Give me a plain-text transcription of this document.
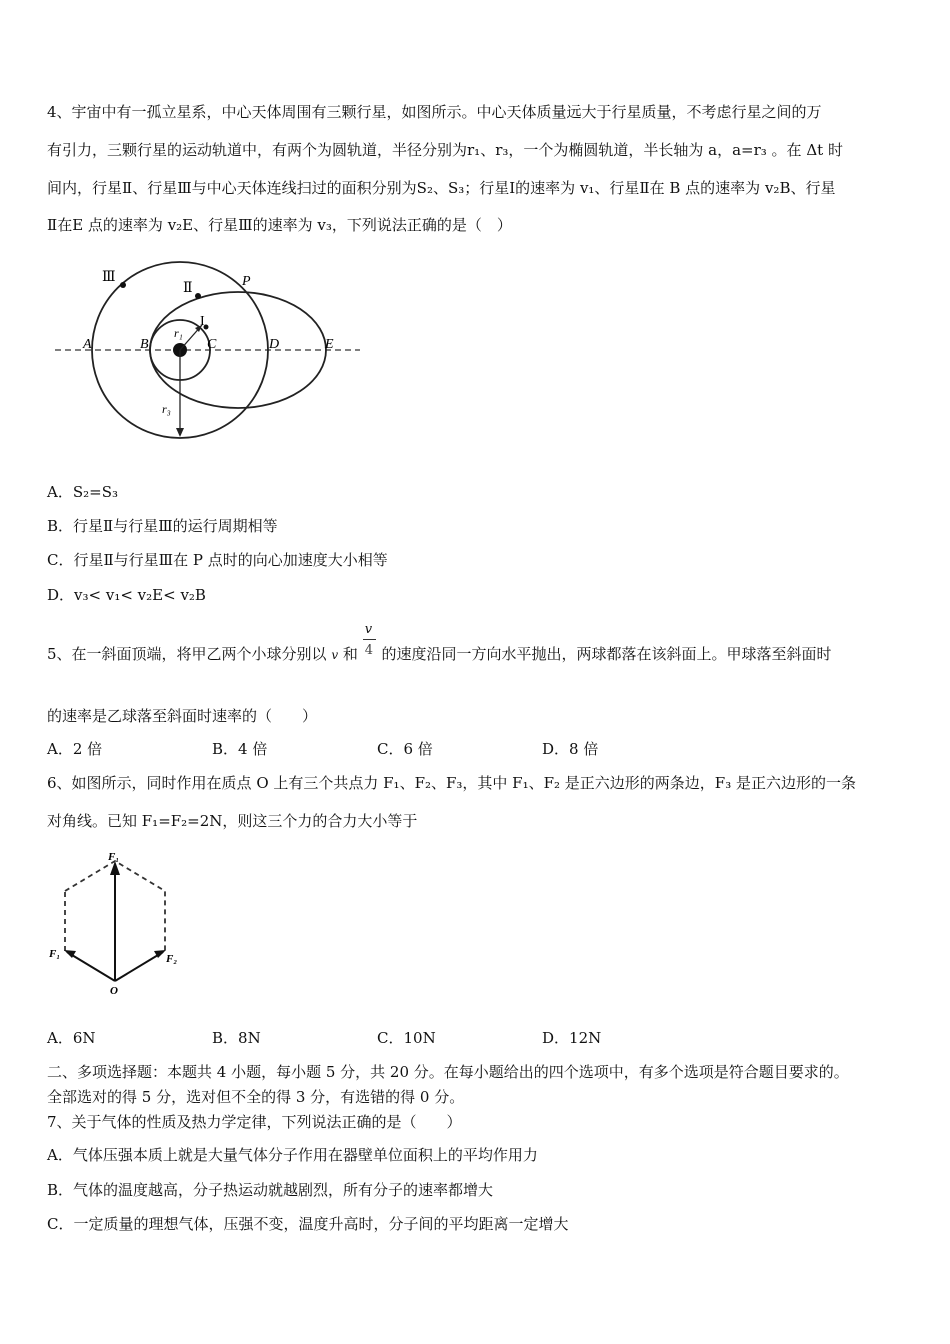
4、宇宙中有一孤立星系，中心天体周围有三颗行星，如图所示。中心天体质量远大于行星质量，不考虑行星之间的万
有引力，三颗行星的运动轨道中，有两个为圆轨道，半径分别为r₁、r₃，一个为椭圆轨道，半长轴为 a，a=r₃ 。在 Δt 时
间内，行星Ⅱ、行星Ⅲ与中心天体连线扫过的面积分别为S₂、S₃；行星Ⅰ的速率为 v₁、行星Ⅱ在 B 点的速率为 v₂B、行星
Ⅱ在E 点的速率为 v₂E、行星Ⅲ的速率为 v₃，下列说法正确的是（　）
Ⅲ
Ⅱ
I
P
A	B	C	D	E
r₁
r₃
A．S₂=S₃
B．行星Ⅱ与行星Ⅲ的运行周期相等
C．行星Ⅱ与行星Ⅲ在 P 点时的向心加速度大小相等
D．v₃< v₁< v₂E< v₂B
5、在一斜面顶端，将甲乙两个小球分别以 v 和 $\frac{v}{4}$ 的速度沿同一方向水平抛出，两球都落在该斜面上。甲球落至斜面时
的速率是乙球落至斜面时速率的（　　）
A．2 倍	B．4 倍	C．6 倍	D．8 倍
6、如图所示，同时作用在质点 O 上有三个共点力 F₁、F₂、F₃，其中 F₁、F₂ 是正六边形的两条边，F₃ 是正六边形的一条
对角线。已知 F₁=F₂=2N，则这三个力的合力大小等于
F₁
F₁	F₂
O
A．6N	B．8N	C．10N	D．12N
二、多项选择题：本题共 4 小题，每小题 5 分，共 20 分。在每小题给出的四个选项中，有多个选项是符合题目要求的。
全部选对的得 5 分，选对但不全的得 3 分，有选错的得 0 分。
7、关于气体的性质及热力学定律，下列说法正确的是（　　）
A．气体压强本质上就是大量气体分子作用在器壁单位面积上的平均作用力
B．气体的温度越高，分子热运动就越剧烈，所有分子的速率都增大
C．一定质量的理想气体，压强不变，温度升高时，分子间的平均距离一定增大
